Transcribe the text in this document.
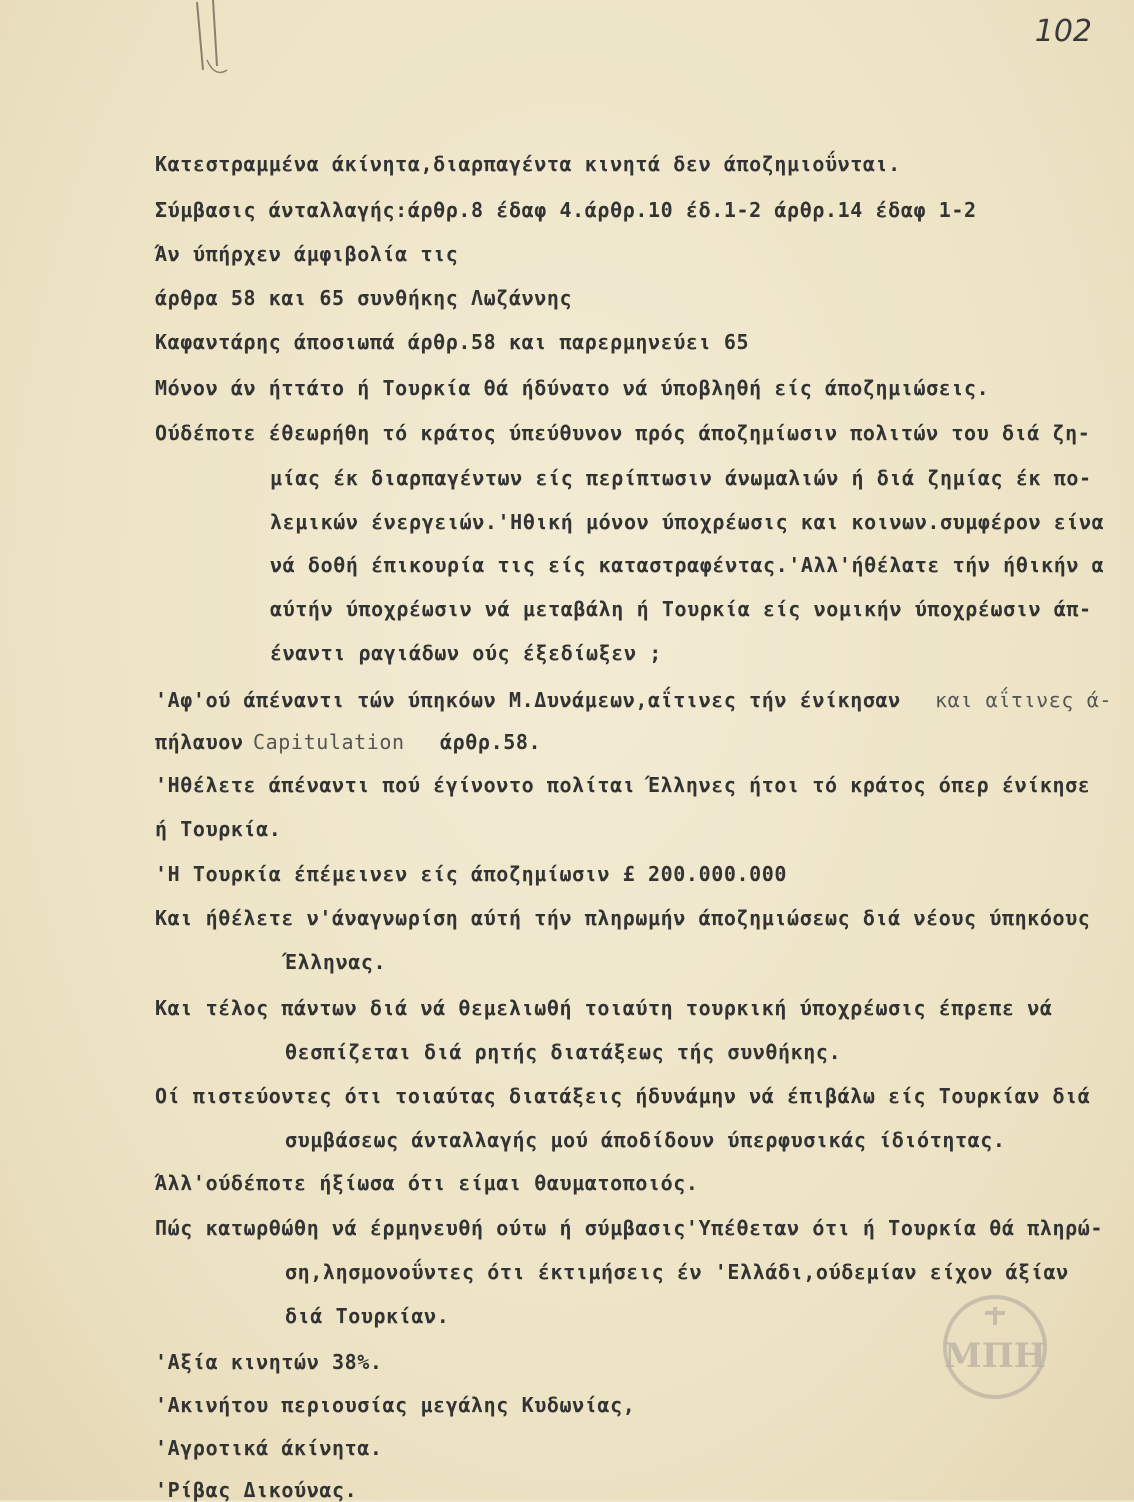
102
Κατεστραμμένα άκίνητα,διαρπαγέντα κινητά δεν άποζημιοΰνται.
Σύμβασις άνταλλαγής:άρθρ.8 έδαφ 4.άρθρ.10 έδ.1-2 άρθρ.14 έδαφ 1-2
Άν ύπήρχεν άμφιβολία τις
άρθρα 58 και 65 συνθήκης Λωζάννης
Καφαντάρης άποσιωπά άρθρ.58 και παρερμηνεύει 65
Μόνον άν ήττάτο ή Τουρκία θά ήδύνατο νά ύποβληθή είς άποζημιώσεις.
Ούδέποτε έθεωρήθη τό κράτος ύπεύθυνον πρός άποζημίωσιν πολιτών του διά ζη-
μίας έκ διαρπαγέντων είς περίπτωσιν άνωμαλιών ή διά ζημίας έκ πο-
λεμικών ένεργειών.'Ηθική μόνον ύποχρέωσις και κοινων.συμφέρον είνα
νά δοθή έπικουρία τις είς καταστραφέντας.'Αλλ'ήθέλατε τήν ήθικήν α
αύτήν ύποχρέωσιν νά μεταβάλη ή Τουρκία είς νομικήν ύποχρέωσιν άπ-
έναντι ραγιάδων ούς έξεδίωξεν ;
'Αφ'ού άπέναντι τών ύπηκόων Μ.Δυνάμεων,αΐτινες τήν ένίκησαν και αΐτινες ά-
πήλαυον Capitulation άρθρ.58.
'Ηθέλετε άπέναντι πού έγίνοντο πολίται Έλληνες ήτοι τό κράτος όπερ ένίκησε
ή Τουρκία.
'Η Τουρκία έπέμεινεν είς άποζημίωσιν £ 200.000.000
Και ήθέλετε ν'άναγνωρίση αύτή τήν πληρωμήν άποζημιώσεως διά νέους ύπηκόους
Έλληνας.
Και τέλος πάντων διά νά θεμελιωθή τοιαύτη τουρκική ύποχρέωσις έπρεπε νά
θεσπίζεται διά ρητής διατάξεως τής συνθήκης.
Οί πιστεύοντες ότι τοιαύτας διατάξεις ήδυνάμην νά έπιβάλω είς Τουρκίαν διά
συμβάσεως άνταλλαγής μού άποδίδουν ύπερφυσικάς ίδιότητας.
Άλλ'ούδέποτε ήξίωσα ότι είμαι θαυματοποιός.
Πώς κατωρθώθη νά έρμηνευθή ούτω ή σύμβασις'Υπέθεταν ότι ή Τουρκία θά πληρώ-
ση,λησμονοΰντες ότι έκτιμήσεις έν 'Ελλάδι,ούδεμίαν είχον άξίαν
διά Τουρκίαν.
'Αξία κινητών 38%.
'Ακινήτου περιουσίας μεγάλης Κυδωνίας,
'Αγροτικά άκίνητα.
'Ρίβας Δικούνας.
ΜΠΗ
